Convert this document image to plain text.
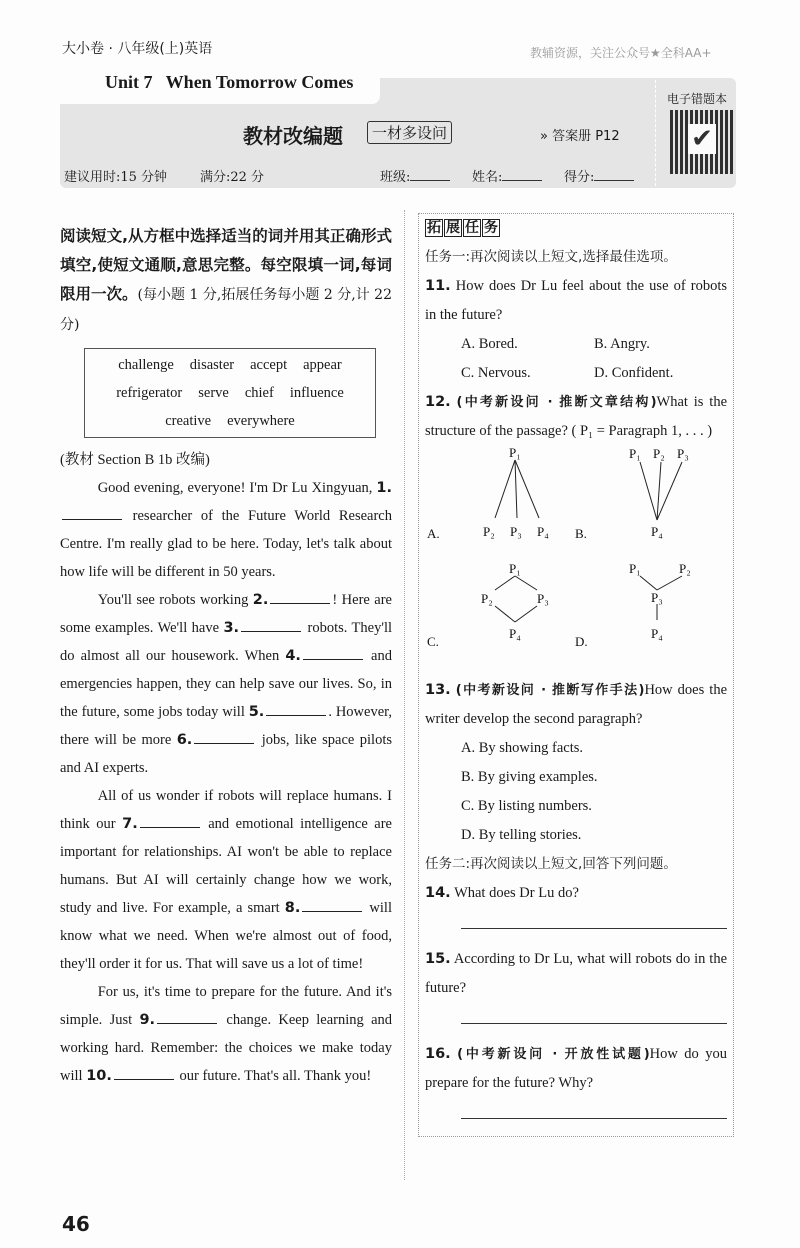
大小卷 · 八年级(上)英语	教辅资源，关注公众号★全科AA+
Unit 7   When Tomorrow Comes
电子错题本
✔
教材改编题	一材多设问	» 答案册 P12
建议用时:15 分钟	满分:22 分	班级:	姓名:	得分:
阅读短文,从方框中选择适当的词并用其正确形式填空,使短文通顺,意思完整。每空限填一词,每词限用一次。(每小题 1 分,拓展任务每小题 2 分,计 22 分)
challenge disaster accept appear
refrigerator serve chief influence
creative everywhere
(教材 Section B 1b 改编)

Good evening, everyone! I'm Dr Lu Xingyuan, 1. researcher of the Future World Research Centre. I'm really glad to be here. Today, let's talk about how life will be different in 50 years.

You'll see robots working 2.	! Here are some examples. We'll have 3.	robots. They'll do almost all our housework. When 4.	and emergencies happen, they can help save our lives. So, in the future, some jobs today will 5.	. However, there will be more 6.	jobs, like space pilots and AI experts.

All of us wonder if robots will replace humans. I think our 7.	and emotional intelligence are important for relationships. AI won't be able to replace humans. But AI will certainly change how we work, study and live. For example, a smart 8.	will know what we need. When we're almost out of food, they'll order it for us. That will save us a lot of time!

For us, it's time to prepare for the future. And it's simple. Just 9.	change. Keep learning and working hard. Remember: the choices we make today will 10.	our future. That's all. Thank you!

拓 展 任 务
任务一:再次阅读以上短文,选择最佳选项。

11. How does Dr Lu feel about the use of robots in the future?

A. Bored.	B. Angry.
C. Nervous.	D. Confident.

12. (中考新设问 · 推断文章结构)What is the structure of the passage? ( P₁ = Paragraph 1, . . . )

A.
P₁
P₂ P₃ P₄ B.
P₁ P₂ P₃
P₄
C.
P₁
P₂	P₃
P₄
D.
P₁	P₂
P₃
P₄

13. (中考新设问 · 推断写作手法)How does the writer develop the second paragraph?

A. By showing facts.
B. By giving examples.
C. By listing numbers.
D. By telling stories.
任务二:再次阅读以上短文,回答下列问题。

14. What does Dr Lu do?

15. According to Dr Lu, what will robots do in the future?

16. (中考新设问 · 开放性试题)How do you prepare for the future? Why?

46
